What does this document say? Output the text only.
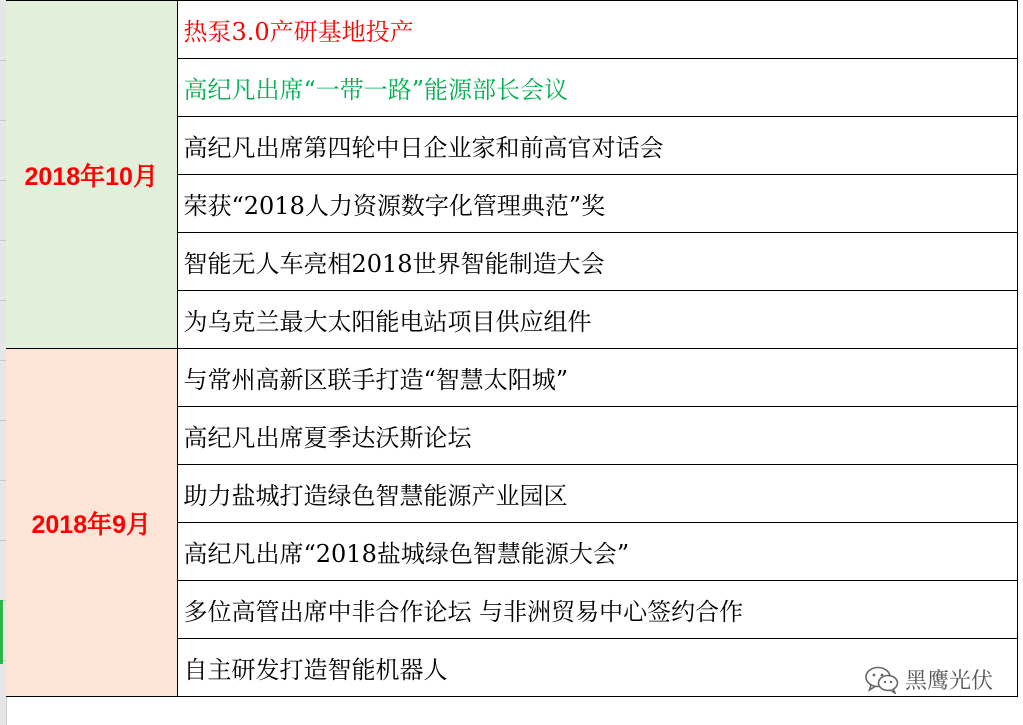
2018年10月	热泵3.0产研基地投产
	高纪凡出席“一带一路”能源部长会议
	高纪凡出席第四轮中日企业家和前高官对话会
	荣获“2018人力资源数字化管理典范”奖
	智能无人车亮相2018世界智能制造大会
	为乌克兰最大太阳能电站项目供应组件
2018年9月	与常州高新区联手打造“智慧太阳城”
	高纪凡出席夏季达沃斯论坛
	助力盐城打造绿色智慧能源产业园区
	高纪凡出席“2018盐城绿色智慧能源大会”
	多位高管出席中非合作论坛 与非洲贸易中心签约合作
	自主研发打造智能机器人	黑鹰光伏
